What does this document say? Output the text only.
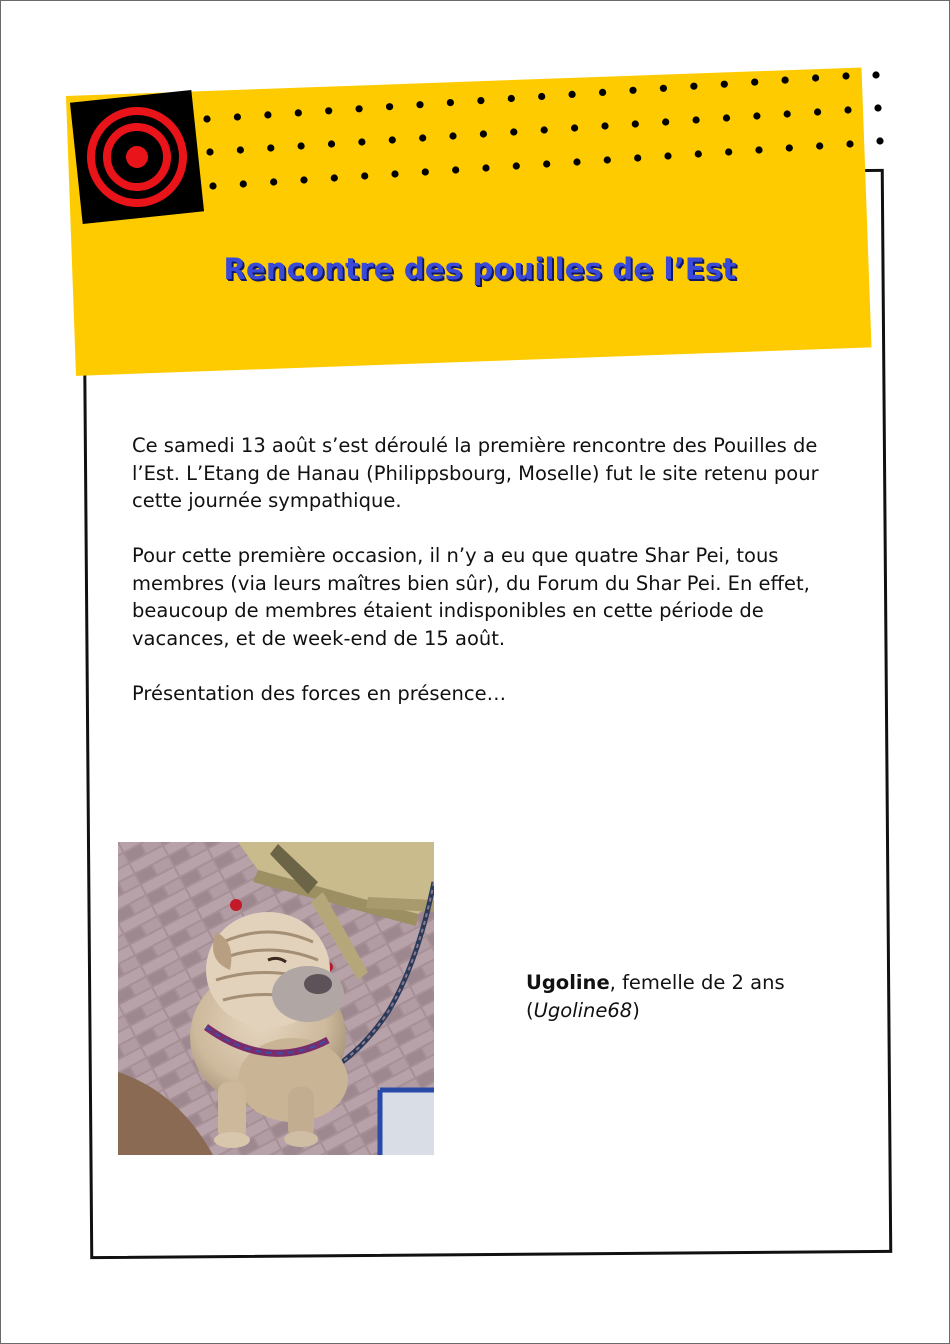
Rencontre des pouilles de l’Est

Ce samedi 13 août s’est déroulé la première rencontre des Pouilles de l’Est. L’Etang de Hanau (Philippsbourg, Moselle) fut le site retenu pour cette journée sympathique.

Pour cette première occasion, il n’y a eu que quatre Shar Pei, tous membres (via leurs maîtres bien sûr), du Forum du Shar Pei. En effet, beaucoup de membres étaient indisponibles en cette période de vacances, et de week-end de 15 août.

Présentation des forces en présence…

Ugoline, femelle de 2 ans
(Ugoline68)
